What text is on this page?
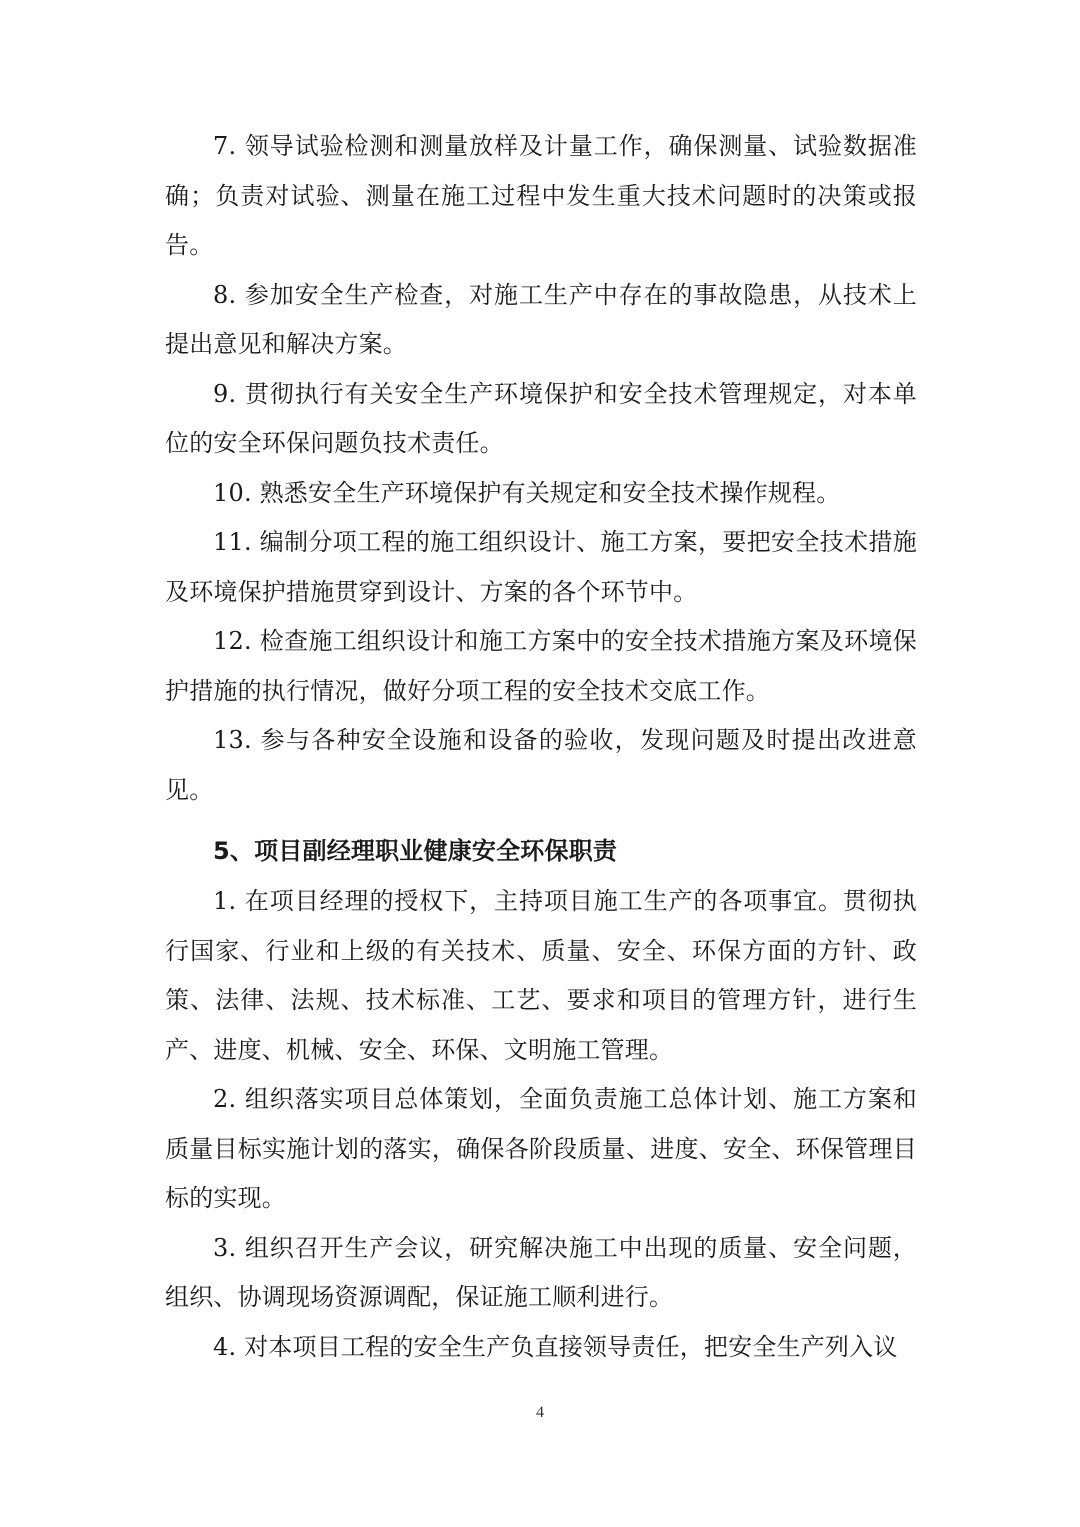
7. 领导试验检测和测量放样及计量工作，确保测量、试验数据准确；负责对试验、测量在施工过程中发生重大技术问题时的决策或报告。

8. 参加安全生产检查，对施工生产中存在的事故隐患，从技术上提出意见和解决方案。

9. 贯彻执行有关安全生产环境保护和安全技术管理规定，对本单位的安全环保问题负技术责任。

10. 熟悉安全生产环境保护有关规定和安全技术操作规程。

11. 编制分项工程的施工组织设计、施工方案，要把安全技术措施及环境保护措施贯穿到设计、方案的各个环节中。

12. 检查施工组织设计和施工方案中的安全技术措施方案及环境保护措施的执行情况，做好分项工程的安全技术交底工作。

13. 参与各种安全设施和设备的验收，发现问题及时提出改进意见。

5、项目副经理职业健康安全环保职责

1. 在项目经理的授权下，主持项目施工生产的各项事宜。贯彻执行国家、行业和上级的有关技术、质量、安全、环保方面的方针、政策、法律、法规、技术标准、工艺、要求和项目的管理方针，进行生产、进度、机械、安全、环保、文明施工管理。

2. 组织落实项目总体策划，全面负责施工总体计划、施工方案和质量目标实施计划的落实，确保各阶段质量、进度、安全、环保管理目标的实现。

3. 组织召开生产会议，研究解决施工中出现的质量、安全问题，组织、协调现场资源调配，保证施工顺利进行。

4. 对本项目工程的安全生产负直接领导责任，把安全生产列入议

4
